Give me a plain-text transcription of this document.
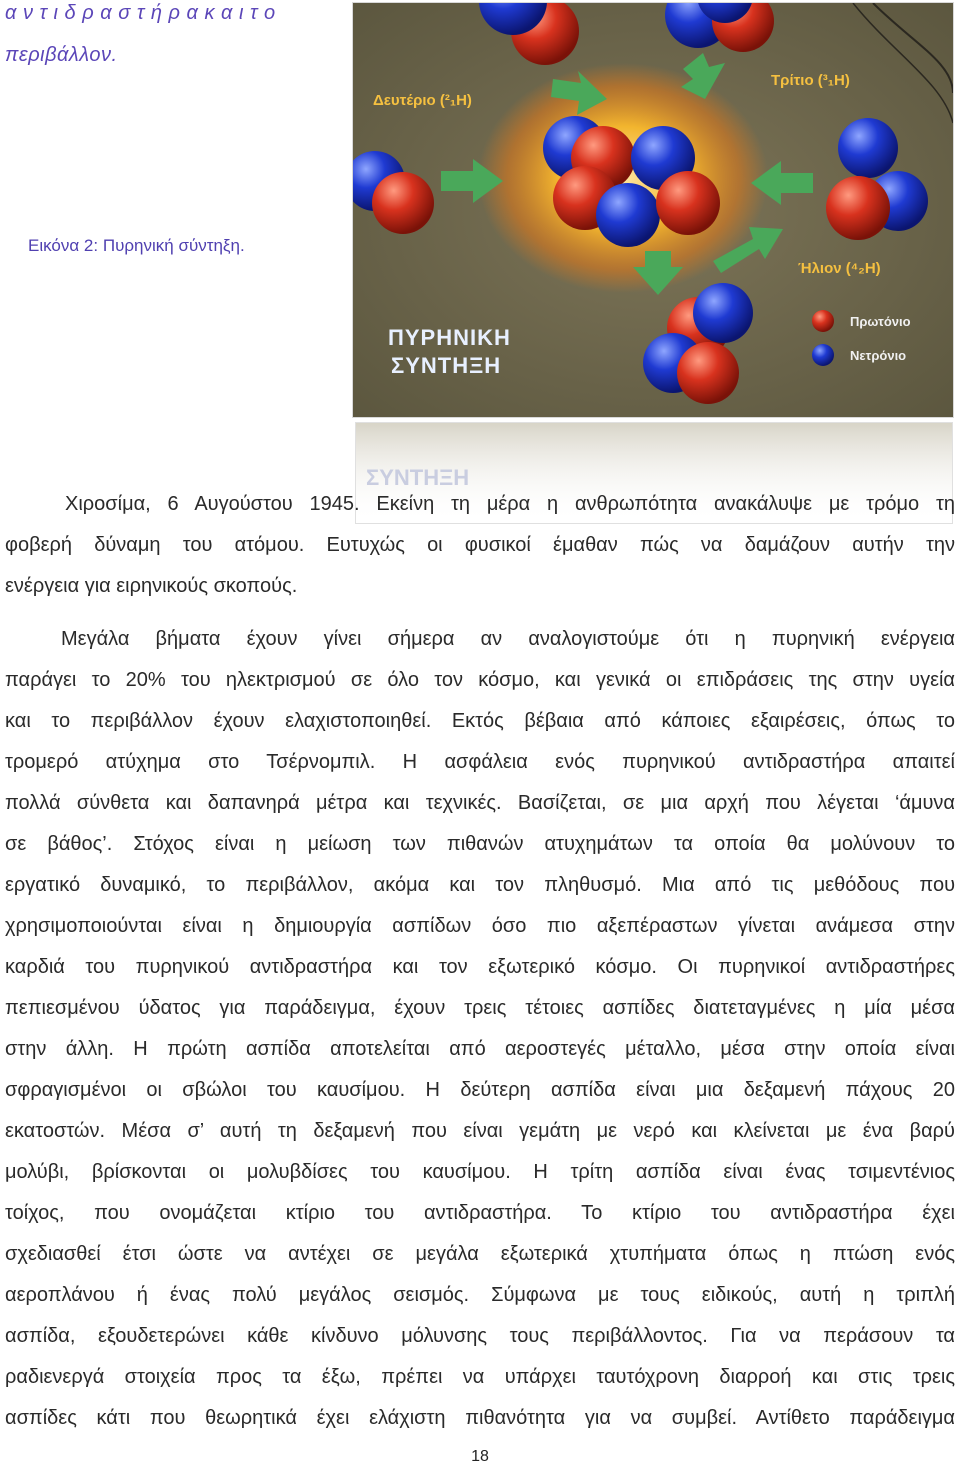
α ν τ ι δ ρ α σ τ ή ρ α κ α ι τ ο
περιβάλλον.
Εικόνα 2: Πυρηνική σύντηξη.
Δευτέριο (²₁H)
Τρίτιο (³₁H)
Ήλιον (⁴₂H)
ΠΥΡΗΝΙΚΗ
ΣΥΝΤΗΞΗ
Πρωτόνιο
Νετρόνιο
ΣΥΝΤΗΞΗ
Χιροσίμα, 6 Αυγούστου 1945. Εκείνη τη μέρα η ανθρωπότητα ανακάλυψε με τρόμο τη
φοβερή δύναμη του ατόμου. Ευτυχώς οι φυσικοί έμαθαν πώς να δαμάζουν αυτήν την
ενέργεια για ειρηνικούς σκοπούς.
Μεγάλα βήματα έχουν γίνει σήμερα αν αναλογιστούμε ότι η πυρηνική ενέργεια
παράγει το 20% του ηλεκτρισμού σε όλο τον κόσμο, και γενικά οι επιδράσεις της στην υγεία
και το περιβάλλον έχουν ελαχιστοποιηθεί. Εκτός βέβαια από κάποιες εξαιρέσεις, όπως το
τρομερό ατύχημα στο Τσέρνομπιλ. Η ασφάλεια ενός πυρηνικού αντιδραστήρα απαιτεί
πολλά σύνθετα και δαπανηρά μέτρα και τεχνικές. Βασίζεται, σε μια αρχή που λέγεται ‘άμυνα
σε βάθος’. Στόχος είναι η μείωση των πιθανών ατυχημάτων τα οποία θα μολύνουν το
εργατικό δυναμικό, το περιβάλλον, ακόμα και τον πληθυσμό. Μια από τις μεθόδους που
χρησιμοποιούνται είναι η δημιουργία ασπίδων όσο πιο αξεπέραστων γίνεται ανάμεσα στην
καρδιά του πυρηνικού αντιδραστήρα και τον εξωτερικό κόσμο. Οι πυρηνικοί αντιδραστήρες
πεπιεσμένου ύδατος για παράδειγμα, έχουν τρεις τέτοιες ασπίδες διατεταγμένες η μία μέσα
στην άλλη. Η πρώτη ασπίδα αποτελείται από αεροστεγές μέταλλο, μέσα στην οποία είναι
σφραγισμένοι οι σβώλοι του καυσίμου. Η δεύτερη ασπίδα είναι μια δεξαμενή πάχους 20
εκατοστών. Μέσα σ’ αυτή τη δεξαμενή που είναι γεμάτη με νερό και κλείνεται με ένα βαρύ
μολύβι, βρίσκονται οι μολυβδίσες του καυσίμου. Η τρίτη ασπίδα είναι ένας τσιμεντένιος
τοίχος, που ονομάζεται κτίριο του αντιδραστήρα. Το κτίριο του αντιδραστήρα έχει
σχεδιασθεί έτσι ώστε να αντέχει σε μεγάλα εξωτερικά χτυπήματα όπως η πτώση ενός
αεροπλάνου ή ένας πολύ μεγάλος σεισμός. Σύμφωνα με τους ειδικούς, αυτή η τριπλή
ασπίδα, εξουδετερώνει κάθε κίνδυνο μόλυνσης τους περιβάλλοντος. Για να περάσουν τα
ραδιενεργά στοιχεία προς τα έξω, πρέπει να υπάρχει ταυτόχρονη διαρροή και στις τρεις
ασπίδες κάτι που θεωρητικά έχει ελάχιστη πιθανότητα για να συμβεί. Αντίθετο παράδειγμα
18
